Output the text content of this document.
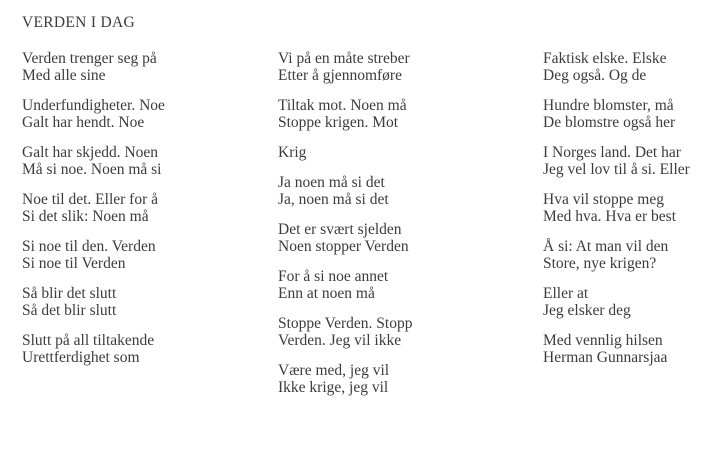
VERDEN I DAG
Verden trenger seg på
Med alle sine
Underfundigheter. Noe
Galt har hendt. Noe
Galt har skjedd. Noen
Må si noe. Noen må si
Noe til det. Eller for å
Si det slik: Noen må
Si noe til den. Verden
Si noe til Verden
Så blir det slutt
Så det blir slutt
Slutt på all tiltakende
Urettferdighet som
Vi på en måte streber
Etter å gjennomføre
Tiltak mot. Noen må
Stoppe krigen. Mot
Krig
Ja noen må si det
Ja, noen må si det
Det er svært sjelden
Noen stopper Verden
For å si noe annet
Enn at noen må
Stoppe Verden. Stopp
Verden. Jeg vil ikke
Være med, jeg vil
Ikke krige, jeg vil
Faktisk elske. Elske
Deg også. Og de
Hundre blomster, må
De blomstre også her
I Norges land. Det har
Jeg vel lov til å si. Eller
Hva vil stoppe meg
Med hva. Hva er best
Å si: At man vil den
Store, nye krigen?
Eller at
Jeg elsker deg
Med vennlig hilsen
Herman Gunnarsjaa
